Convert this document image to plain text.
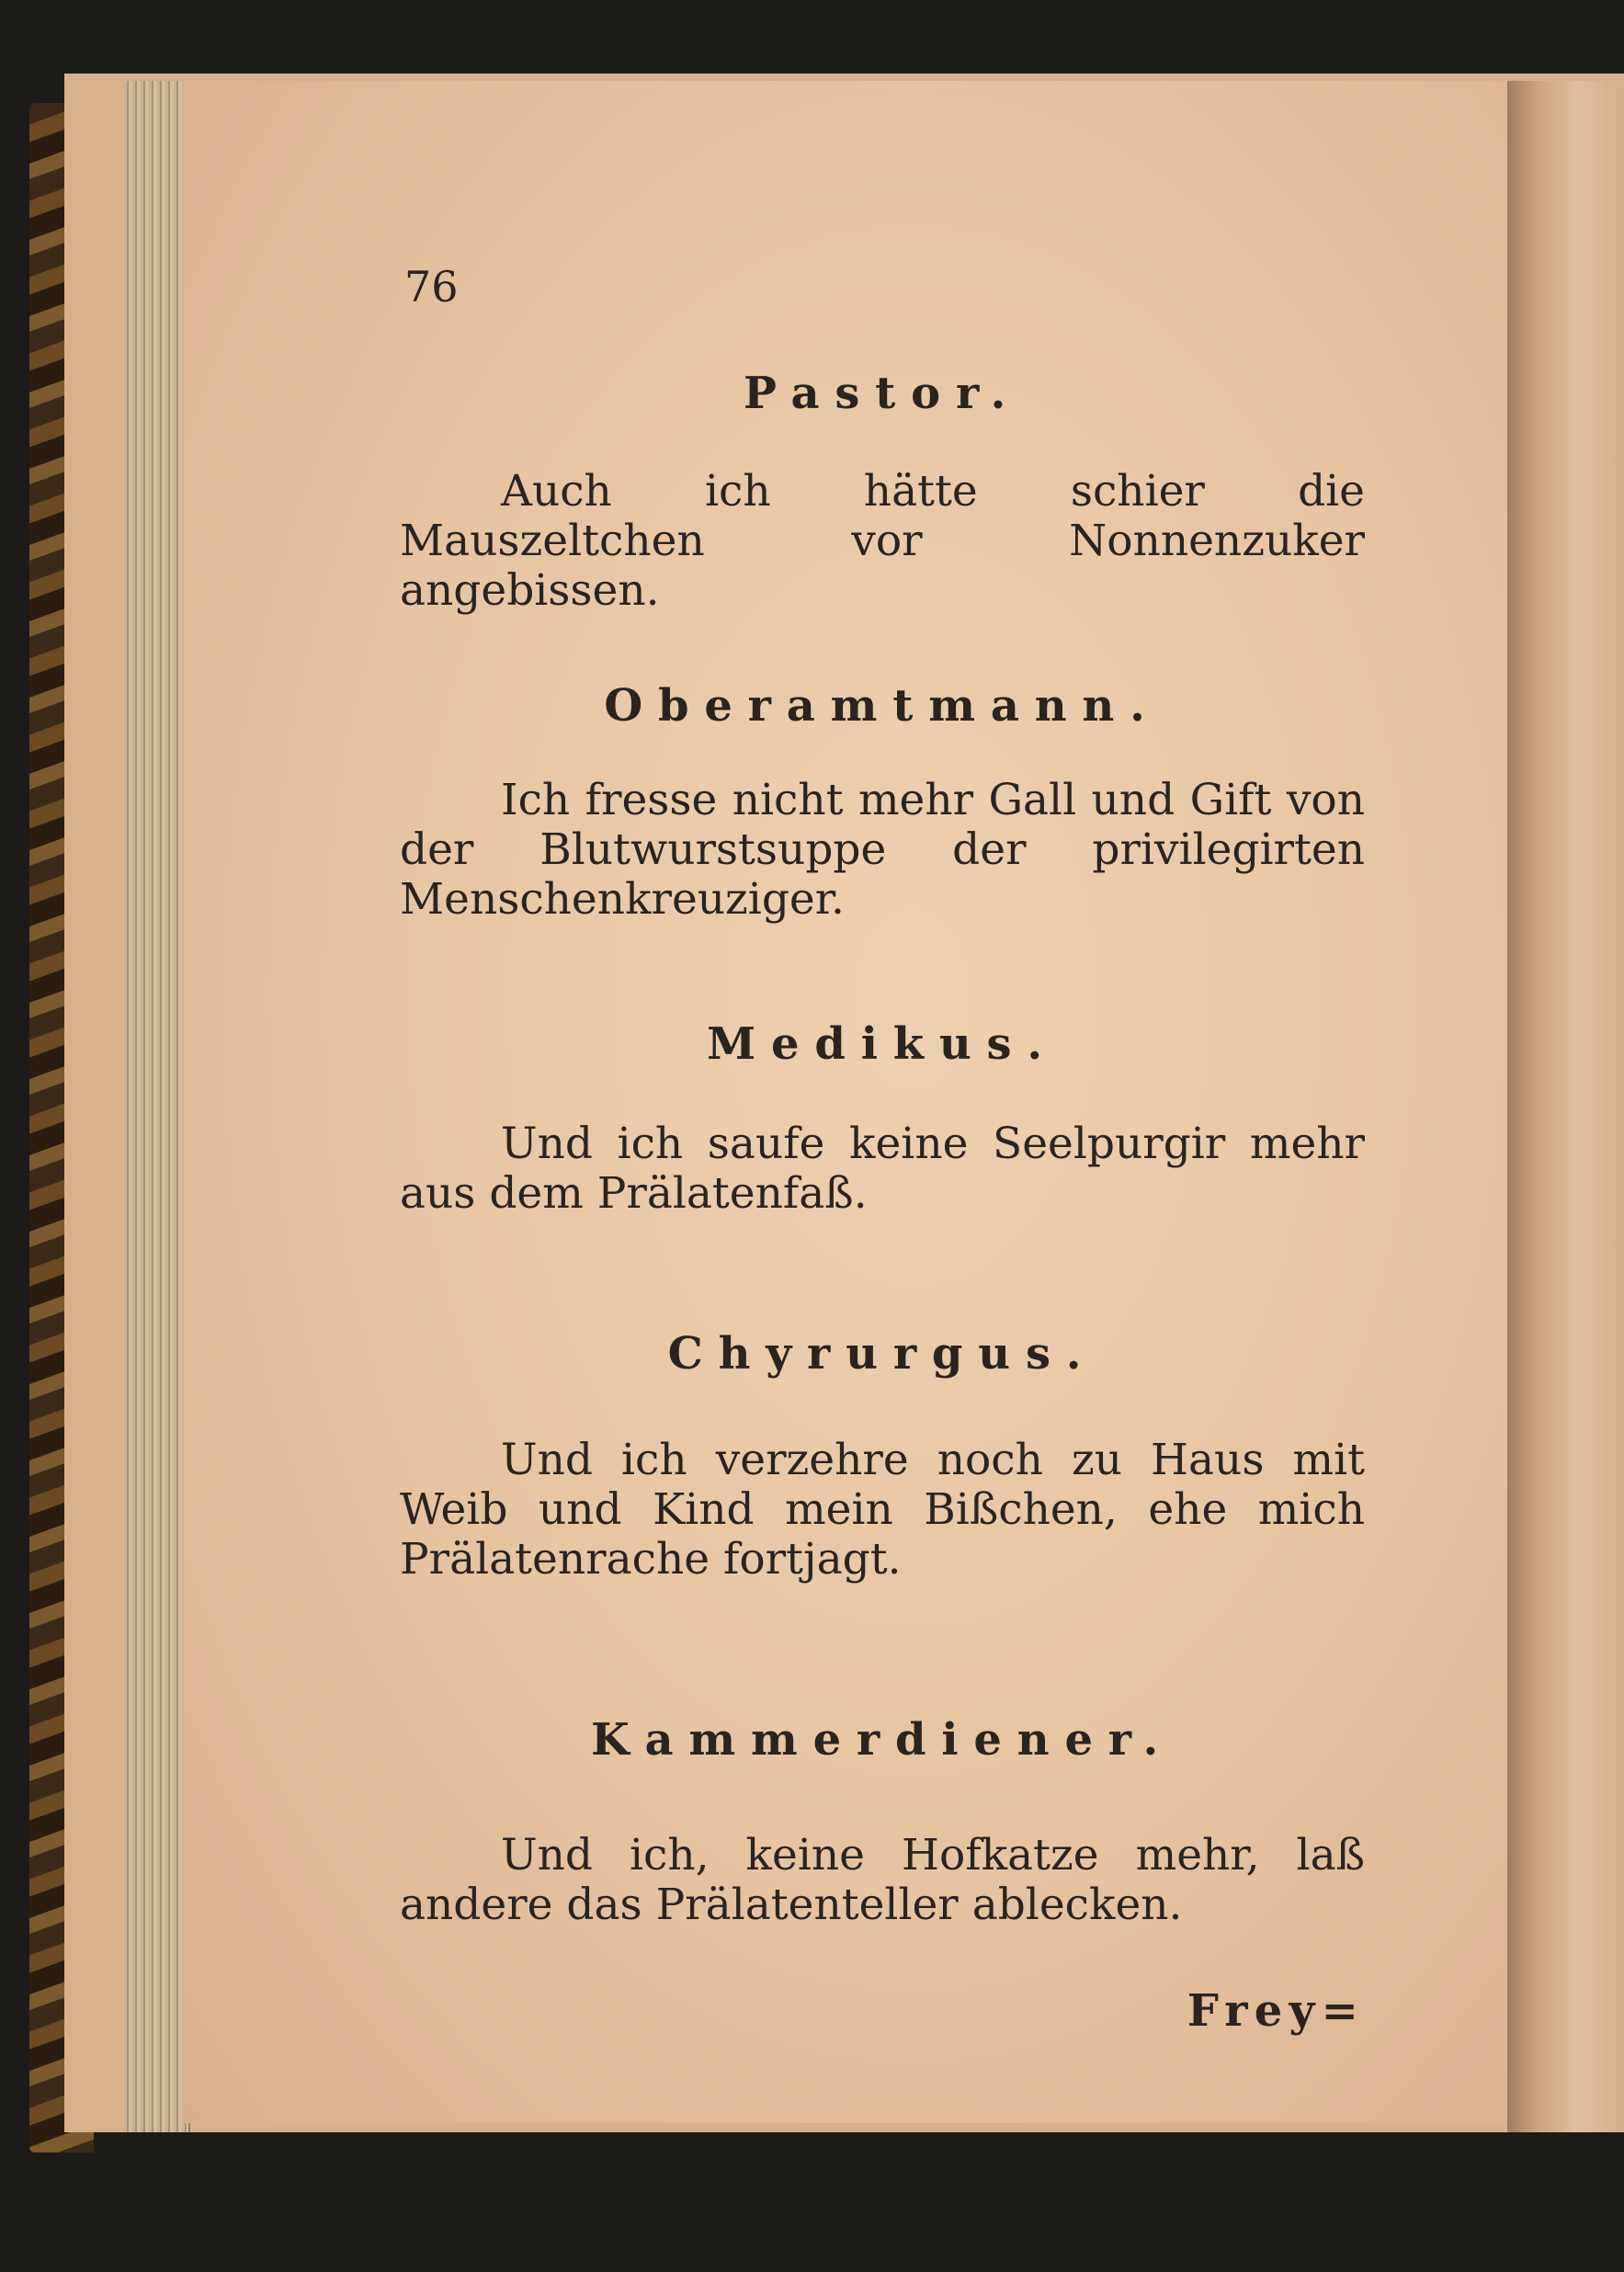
76
Pastor.
Auch ich hätte schier die Mauszeltchen vor Nonnenzuker angebissen.
Oberamtmann.
Ich fresse nicht mehr Gall und Gift von der Blutwurstsuppe der privilegirten Menschenkreuziger.
Medikus.
Und ich saufe keine Seelpurgir mehr aus dem Prälatenfaß.
Chyrurgus.
Und ich verzehre noch zu Haus mit Weib und Kind mein Bißchen, ehe mich Prälatenrache fortjagt.
Kammerdiener.
Und ich, keine Hofkatze mehr, laß andere das Prälatenteller ablecken.
Frey=
